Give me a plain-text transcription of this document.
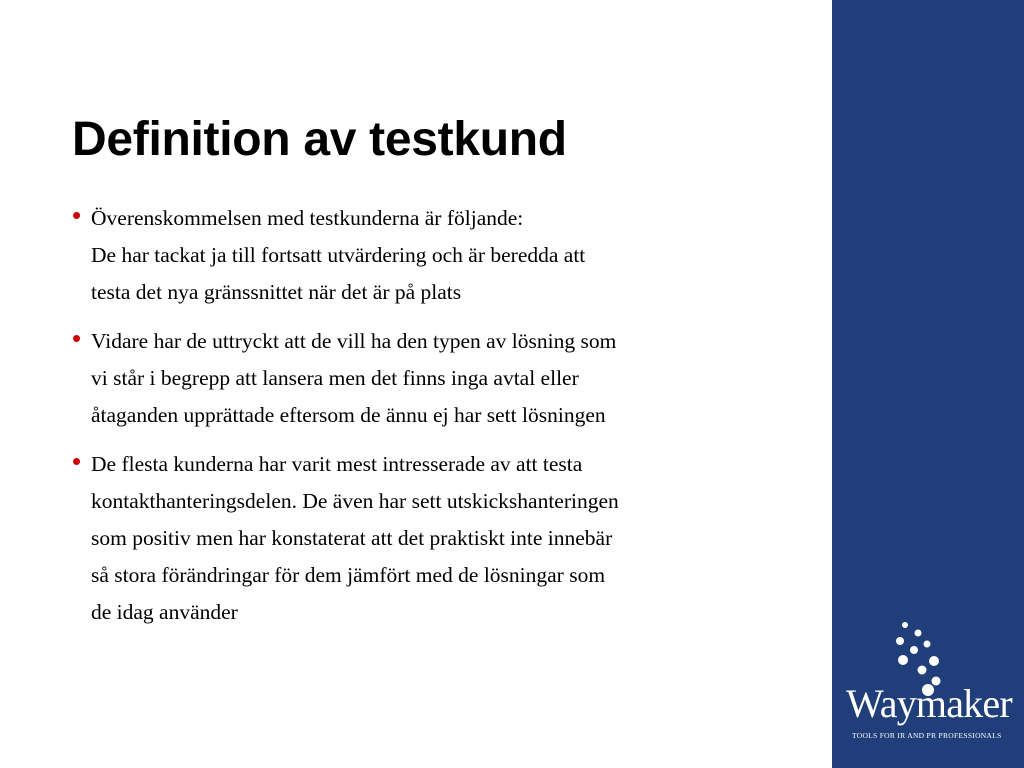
Definition av testkund
• Överenskommelsen med testkunderna är följande:
De har tackat ja till fortsatt utvärdering och är beredda att
testa det nya gränssnittet när det är på plats
• Vidare har de uttryckt att de vill ha den typen av lösning som
vi står i begrepp att lansera men det finns inga avtal eller
åtaganden upprättade eftersom de ännu ej har sett lösningen
• De flesta kunderna har varit mest intresserade av att testa
kontakthanteringsdelen. De även har sett utskickshanteringen
som positiv men har konstaterat att det praktiskt inte innebär
så stora förändringar för dem jämfört med de lösningar som
de idag använder
Waymaker
TOOLS FOR IR AND PR PROFESSIONALS
